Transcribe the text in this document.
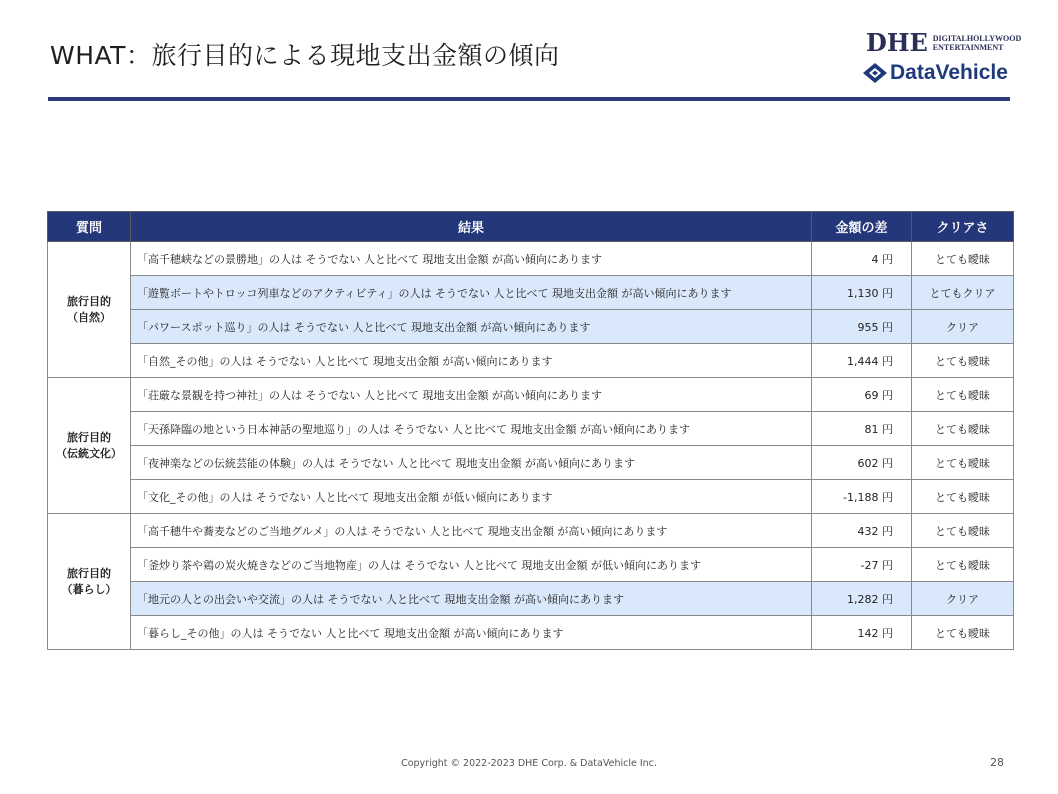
WHAT：旅行目的による現地支出金額の傾向	DHE DIGITALHOLLYWOOD
ENTERTAINMENT
DataVehicle
質問	結果	金額の差	クリアさ
旅行目的
（自然）	「高千穂峡などの景勝地」の人は そうでない 人と比べて 現地支出金額 が高い傾向にあります	4 円	とても曖昧
	「遊覧ボートやトロッコ列車などのアクティビティ」の人は そうでない 人と比べて 現地支出金額 が高い傾向にあります	1,130 円	とてもクリア
	「パワースポット巡り」の人は そうでない 人と比べて 現地支出金額 が高い傾向にあります	955 円	クリア
	「自然_その他」の人は そうでない 人と比べて 現地支出金額 が高い傾向にあります	1,444 円	とても曖昧
旅行目的
（伝統文化）	「荘厳な景観を持つ神社」の人は そうでない 人と比べて 現地支出金額 が高い傾向にあります	69 円	とても曖昧
	「天孫降臨の地という日本神話の聖地巡り」の人は そうでない 人と比べて 現地支出金額 が高い傾向にあります	81 円	とても曖昧
	「夜神楽などの伝統芸能の体験」の人は そうでない 人と比べて 現地支出金額 が高い傾向にあります	602 円	とても曖昧
	「文化_その他」の人は そうでない 人と比べて 現地支出金額 が低い傾向にあります	-1,188 円	とても曖昧
旅行目的
（暮らし）	「高千穂牛や蕎麦などのご当地グルメ」の人は そうでない 人と比べて 現地支出金額 が高い傾向にあります	432 円	とても曖昧
	「釜炒り茶や鶏の炭火焼きなどのご当地物産」の人は そうでない 人と比べて 現地支出金額 が低い傾向にあります	-27 円	とても曖昧
	「地元の人との出会いや交流」の人は そうでない 人と比べて 現地支出金額 が高い傾向にあります	1,282 円	クリア
	「暮らし_その他」の人は そうでない 人と比べて 現地支出金額 が高い傾向にあります	142 円	とても曖昧
Copyright © 2022-2023 DHE Corp. & DataVehicle Inc.	28
